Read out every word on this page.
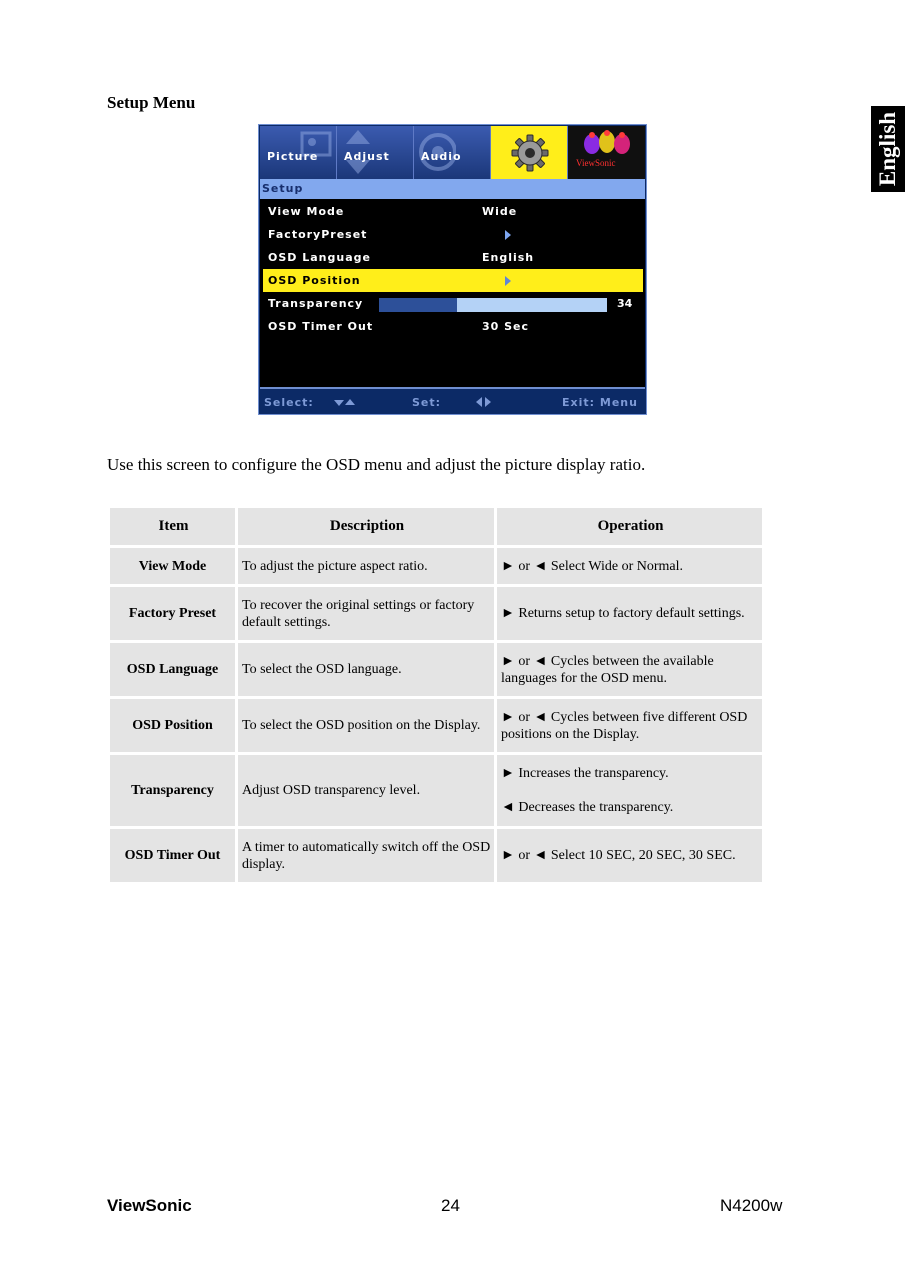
English
Setup Menu
Picture Adjust	Audio	ViewSonic
Setup
View Mode	Wide
FactoryPreset
OSD Language	English
OSD Position
Transparency	34
OSD Timer Out	30 Sec
Select:	Set:	Exit: Menu
Use this screen to configure the OSD menu and adjust the picture display ratio.
Item	Description	Operation
View Mode	To adjust the picture aspect ratio.	► or ◄ Select Wide or Normal.
Factory Preset	To recover the original settings or factory default settings.	► Returns setup to factory default settings.
OSD Language	To select the OSD language.	► or ◄ Cycles between the available languages for the OSD menu.
OSD Position	To select the OSD position on the Display.	► or ◄ Cycles between five different OSD positions on the Display.
Transparency	Adjust OSD transparency level.	► Increases the transparency.

◄ Decreases the transparency.

OSD Timer Out	A timer to automatically switch off the OSD display.	► or ◄ Select 10 SEC, 20 SEC, 30 SEC.
ViewSonic	24	N4200w
